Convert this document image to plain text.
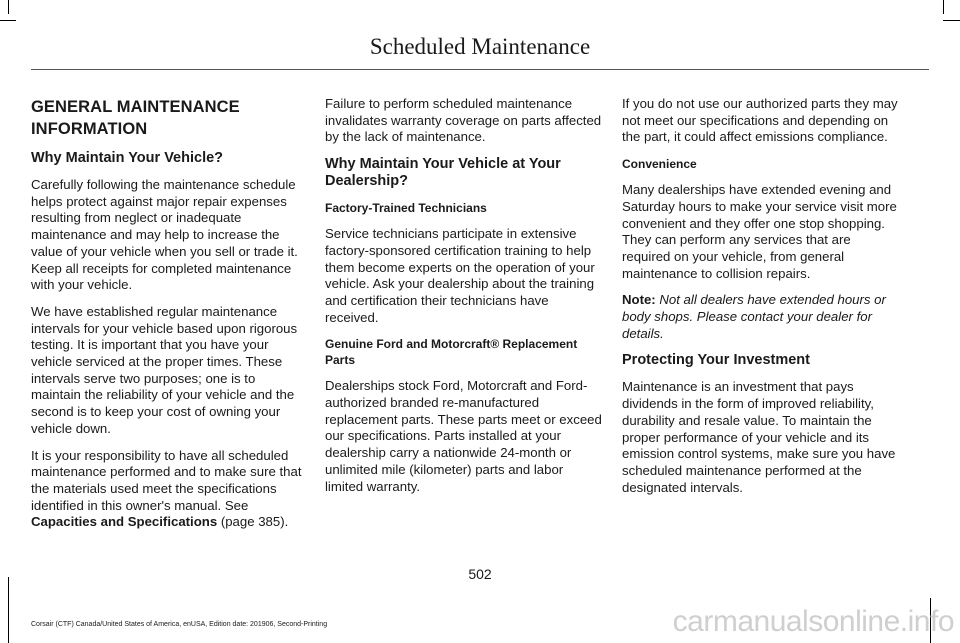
Scheduled Maintenance
GENERAL MAINTENANCE
INFORMATION
Why Maintain Your Vehicle?

Carefully following the maintenance schedule helps protect against major repair expenses resulting from neglect or inadequate maintenance and may help to increase the value of your vehicle when you sell or trade it. Keep all receipts for completed maintenance with your vehicle.

We have established regular maintenance intervals for your vehicle based upon rigorous testing. It is important that you have your vehicle serviced at the proper times. These intervals serve two purposes; one is to maintain the reliability of your vehicle and the second is to keep your cost of owning your vehicle down.

It is your responsibility to have all scheduled maintenance performed and to make sure that the materials used meet the specifications identified in this owner's manual. See Capacities and Specifications (page 385).

Failure to perform scheduled maintenance invalidates warranty coverage on parts affected by the lack of maintenance.

Why Maintain Your Vehicle at Your Dealership?
Factory-Trained Technicians

Service technicians participate in extensive factory-sponsored certification training to help them become experts on the operation of your vehicle. Ask your dealership about the training and certification their technicians have received.

Genuine Ford and Motorcraft® Replacement Parts

Dealerships stock Ford, Motorcraft and Ford-authorized branded re-manufactured replacement parts. These parts meet or exceed our specifications. Parts installed at your dealership carry a nationwide 24-month or unlimited mile (kilometer) parts and labor limited warranty.

If you do not use our authorized parts they may not meet our specifications and depending on the part, it could affect emissions compliance.

Convenience

Many dealerships have extended evening and Saturday hours to make your service visit more convenient and they offer one stop shopping. They can perform any services that are required on your vehicle, from general maintenance to collision repairs.

Note: Not all dealers have extended hours or body shops. Please contact your dealer for details.

Protecting Your Investment

Maintenance is an investment that pays dividends in the form of improved reliability, durability and resale value. To maintain the proper performance of your vehicle and its emission control systems, make sure you have scheduled maintenance performed at the designated intervals.

502
Corsair (CTF) Canada/United States of America, enUSA, Edition date: 201906, Second-Printing	carmanualsonline.info
